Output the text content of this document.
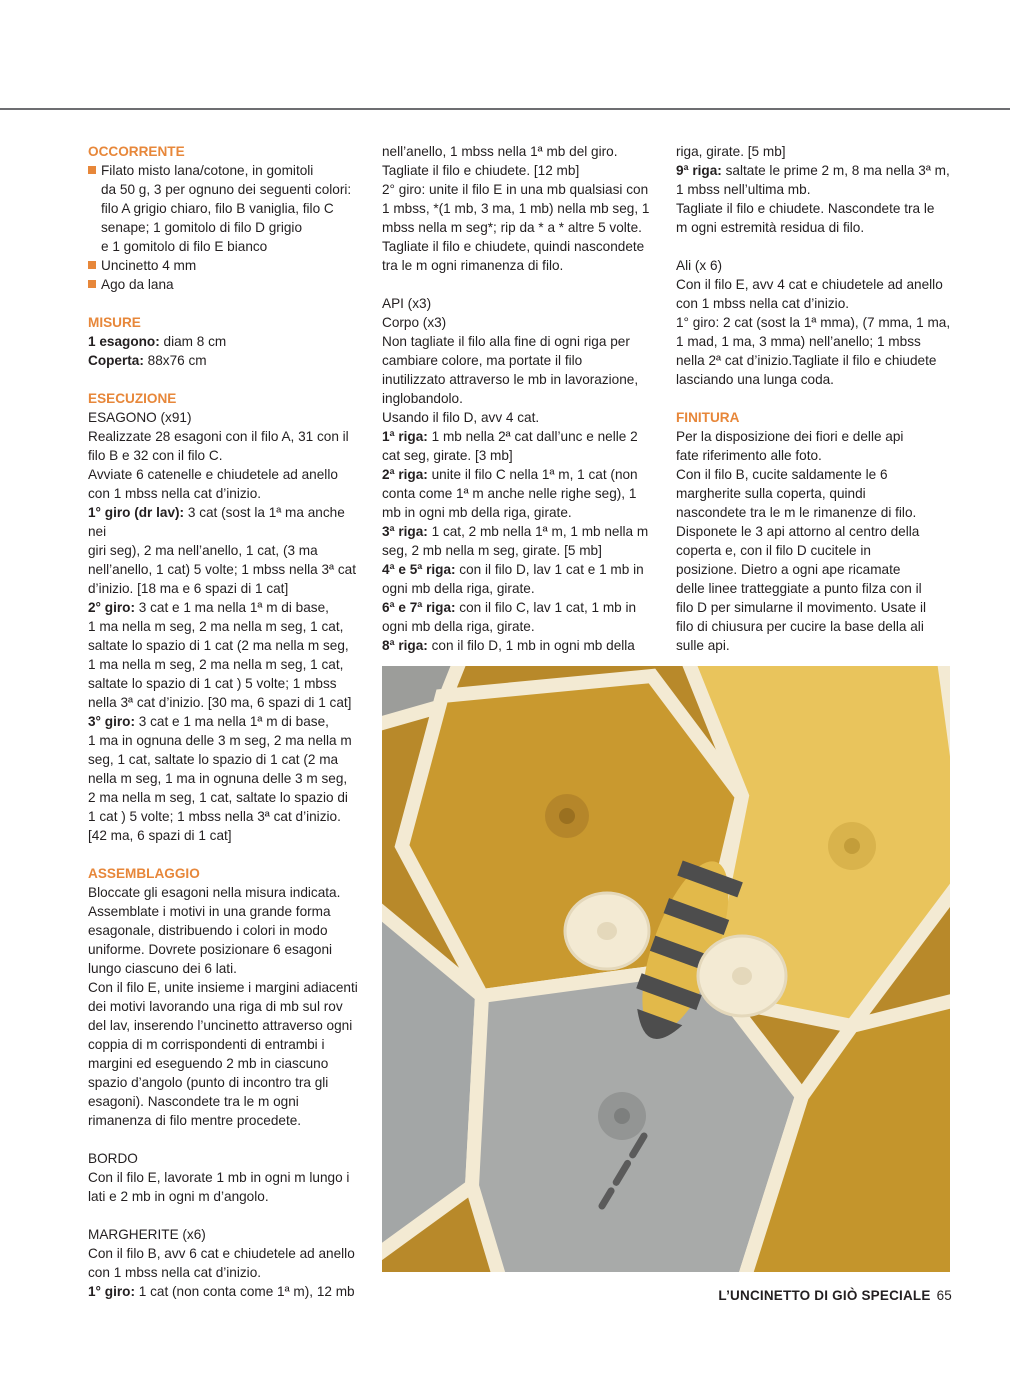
OCCORRENTE

Filato misto lana/cotone, in gomitoli

da 50 g, 3 per ognuno dei seguenti colori:

filo A grigio chiaro, filo B vaniglia, filo C

senape; 1 gomitolo di filo D grigio

e 1 gomitolo di filo E bianco

Uncinetto 4 mm

Ago da lana

MISURE

1 esagono: diam 8 cm

Coperta: 88x76 cm

ESECUZIONE

ESAGONO (x91)

Realizzate 28 esagoni con il filo A, 31 con il

filo B e 32 con il filo C.

Avviate 6 catenelle e chiudetele ad anello

con 1 mbss nella cat d’inizio.

1° giro (dr lav): 3 cat (sost la 1ª ma anche nei

giri seg), 2 ma nell’anello, 1 cat, (3 ma

nell’anello, 1 cat) 5 volte; 1 mbss nella 3ª cat

d’inizio. [18 ma e 6 spazi di 1 cat]

2° giro: 3 cat e 1 ma nella 1ª m di base,

1 ma nella m seg, 2 ma nella m seg, 1 cat,

saltate lo spazio di 1 cat (2 ma nella m seg,

1 ma nella m seg, 2 ma nella m seg, 1 cat,

saltate lo spazio di 1 cat ) 5 volte; 1 mbss

nella 3ª cat d’inizio. [30 ma, 6 spazi di 1 cat]

3° giro: 3 cat e 1 ma nella 1ª m di base,

1 ma in ognuna delle 3 m seg, 2 ma nella m

seg, 1 cat, saltate lo spazio di 1 cat (2 ma

nella m seg, 1 ma in ognuna delle 3 m seg,

2 ma nella m seg, 1 cat, saltate lo spazio di

1 cat ) 5 volte; 1 mbss nella 3ª cat d’inizio.

[42 ma, 6 spazi di 1 cat]

ASSEMBLAGGIO

Bloccate gli esagoni nella misura indicata.

Assemblate i motivi in una grande forma

esagonale, distribuendo i colori in modo

uniforme. Dovrete posizionare 6 esagoni

lungo ciascuno dei 6 lati.

Con il filo E, unite insieme i margini adiacenti

dei motivi lavorando una riga di mb sul rov

del lav, inserendo l’uncinetto attraverso ogni

coppia di m corrispondenti di entrambi i

margini ed eseguendo 2 mb in ciascuno

spazio d’angolo (punto di incontro tra gli

esagoni). Nascondete tra le m ogni

rimanenza di filo mentre procedete.

BORDO

Con il filo E, lavorate 1 mb in ogni m lungo i

lati e 2 mb in ogni m d’angolo.

MARGHERITE (x6)

Con il filo B, avv 6 cat e chiudetele ad anello

con 1 mbss nella cat d’inizio.

1° giro: 1 cat (non conta come 1ª m), 12 mb

nell’anello, 1 mbss nella 1ª mb del giro.

Tagliate il filo e chiudete. [12 mb]

2° giro: unite il filo E in una mb qualsiasi con

1 mbss, *(1 mb, 3 ma, 1 mb) nella mb seg, 1

mbss nella m seg*; rip da * a * altre 5 volte.

Tagliate il filo e chiudete, quindi nascondete

tra le m ogni rimanenza di filo.

API (x3)

Corpo (x3)

Non tagliate il filo alla fine di ogni riga per

cambiare colore, ma portate il filo

inutilizzato attraverso le mb in lavorazione,

inglobandolo.

Usando il filo D, avv 4 cat.

1ª riga: 1 mb nella 2ª cat dall’unc e nelle 2

cat seg, girate. [3 mb]

2ª riga: unite il filo C nella 1ª m, 1 cat (non

conta come 1ª m anche nelle righe seg), 1

mb in ogni mb della riga, girate.

3ª riga: 1 cat, 2 mb nella 1ª m, 1 mb nella m

seg, 2 mb nella m seg, girate. [5 mb]

4ª e 5ª riga: con il filo D, lav 1 cat e 1 mb in

ogni mb della riga, girate.

6ª e 7ª riga: con il filo C, lav 1 cat, 1 mb in

ogni mb della riga, girate.

8ª riga: con il filo D, 1 mb in ogni mb della

riga, girate. [5 mb]

9ª riga: saltate le prime 2 m, 8 ma nella 3ª m,

1 mbss nell’ultima mb.

Tagliate il filo e chiudete. Nascondete tra le

m ogni estremità residua di filo.

Ali (x 6)

Con il filo E, avv 4 cat e chiudetele ad anello

con 1 mbss nella cat d’inizio.

1° giro: 2 cat (sost la 1ª mma), (7 mma, 1 ma,

1 mad, 1 ma, 3 mma) nell’anello; 1 mbss

nella 2ª cat d’inizio.Tagliate il filo e chiudete

lasciando una lunga coda.

FINITURA

Per la disposizione dei fiori e delle api

fate riferimento alle foto.

Con il filo B, cucite saldamente le 6

margherite sulla coperta, quindi

nascondete tra le m le rimanenze di filo.

Disponete le 3 api attorno al centro della

coperta e, con il filo D cucitele in

posizione. Dietro a ogni ape ricamate

delle linee tratteggiate a punto filza con il

filo D per simularne il movimento. Usate il

filo di chiusura per cucire la base della ali

sulle api.

L’UNCINETTO DI GIÒ SPECIALE 65
